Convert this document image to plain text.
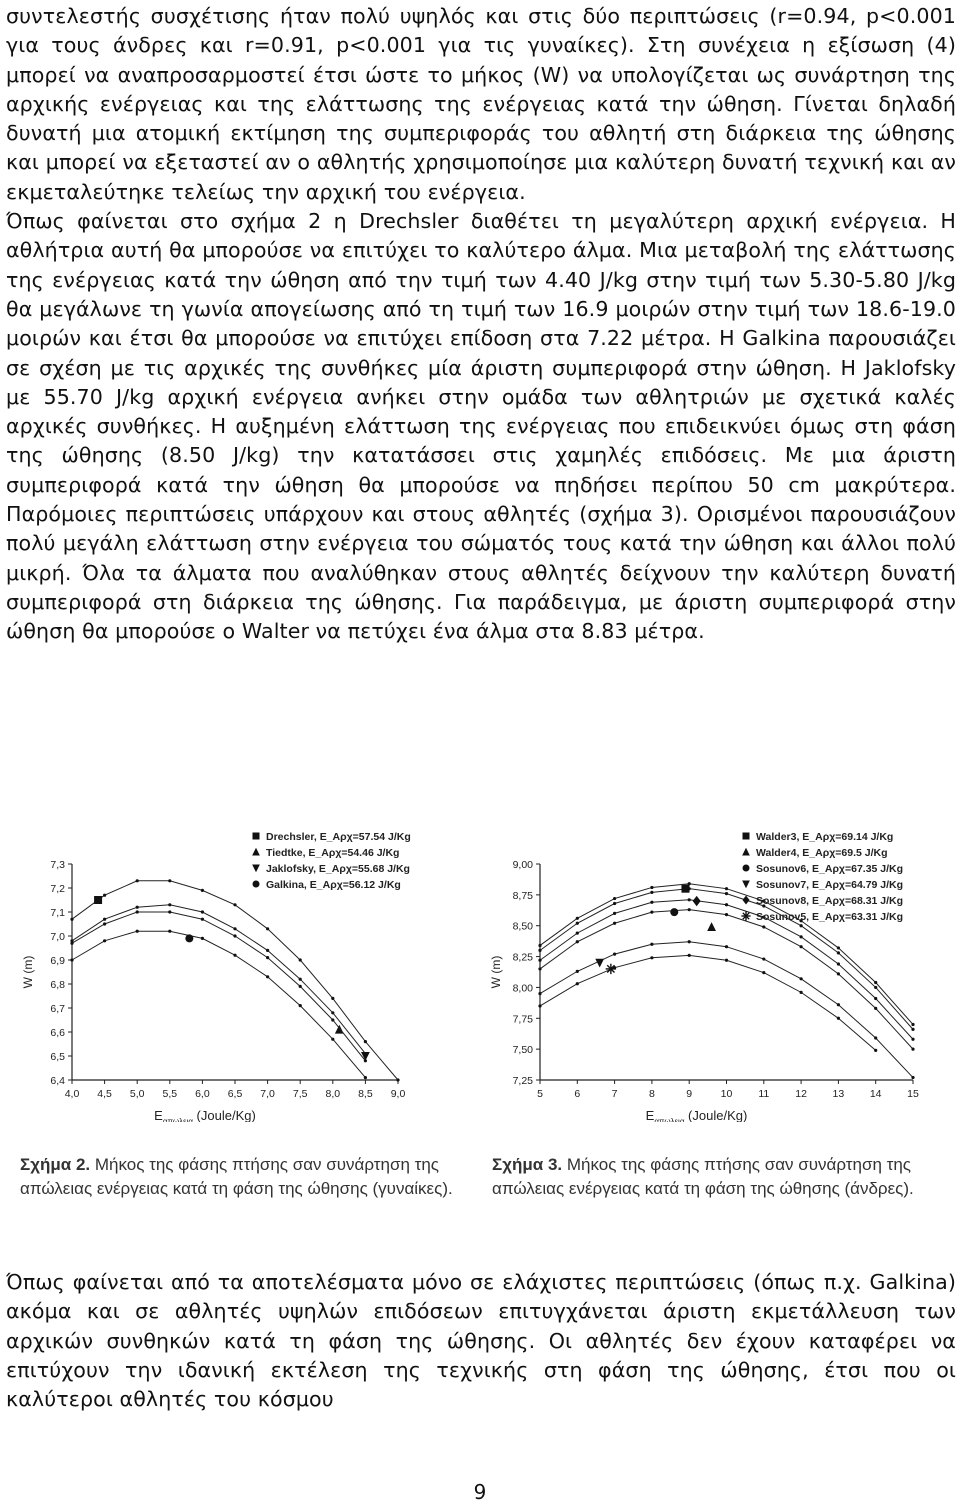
συντελεστής συσχέτισης ήταν πολύ υψηλός και στις δύο περιπτώσεις (r=0.94, p<0.001 για τους άνδρες και r=0.91, p<0.001 για τις γυναίκες). Στη συνέχεια η εξίσωση (4) μπορεί να αναπροσαρμοστεί έτσι ώστε το μήκος (W) να υπολογίζεται ως συνάρτηση της αρχικής ενέργειας και της ελάττωσης της ενέργειας κατά την ώθηση. Γίνεται δηλαδή δυνατή μια ατομική εκτίμηση της συμπεριφοράς του αθλητή στη διάρκεια της ώθησης και μπορεί να εξεταστεί αν ο αθλητής χρησιμοποίησε μια καλύτερη δυνατή τεχνική και αν εκμεταλεύτηκε τελείως την αρχική του ενέργεια.

Όπως φαίνεται στο σχήμα 2 η Drechsler διαθέτει τη μεγαλύτερη αρχική ενέργεια. Η αθλήτρια αυτή θα μπορούσε να επιτύχει το καλύτερο άλμα. Μια μεταβολή της ελάττωσης της ενέργειας κατά την ώθηση από την τιμή των 4.40 J/kg στην τιμή των 5.30-5.80 J/kg θα μεγάλωνε τη γωνία απογείωσης από τη τιμή των 16.9 μοιρών στην τιμή των 18.6-19.0 μοιρών και έτσι θα μπορούσε να επιτύχει επίδοση στα 7.22 μέτρα. Η Galkina παρουσιάζει σε σχέση με τις αρχικές της συνθήκες μία άριστη συμπεριφορά στην ώθηση. Η Jaklofsky με 55.70 J/kg αρχική ενέργεια ανήκει στην ομάδα των αθλητριών με σχετικά καλές αρχικές συνθήκες. Η αυξημένη ελάττωση της ενέργειας που επιδεικνύει όμως στη φάση της ώθησης (8.50 J/kg) την κατατάσσει στις χαμηλές επιδόσεις. Με μια άριστη συμπεριφορά κατά την ώθηση θα μπορούσε να πηδήσει περίπου 50 cm μακρύτερα. Παρόμοιες περιπτώσεις υπάρχουν και στους αθλητές (σχήμα 3). Ορισμένοι παρουσιάζουν πολύ μεγάλη ελάττωση στην ενέργεια του σώματός τους κατά την ώθηση και άλλοι πολύ μικρή. Όλα τα άλματα που αναλύθηκαν στους αθλητές δείχνουν την καλύτερη δυνατή συμπεριφορά στη διάρκεια της ώθησης. Για παράδειγμα, με άριστη συμπεριφορά στην ώθηση θα μπορούσε ο Walter να πετύχει ένα άλμα στα 8.83 μέτρα.

4,0 4,5 5,0 5,5 6,0 6,5 7,0 7,5 8,0 8,5 9,0
6,4
6,5
6,6
6,7
6,8
6,9
7,0
7,1
7,2
7,3
W (m)
$E_{\alpha\pi\omega\lambda\varepsilon\iota\alpha}$ (Joule/Kg)
Drechsler, E_Αρχ=57.54 J/Kg
Tiedtke, E_Αρχ=54.46 J/Kg
Jaklofsky, E_Αρχ=55.68 J/Kg
Galkina, E_Αρχ=56.12 J/Kg
5	6	7	8	9	10 11 12 13 14 15
7,25
7,50
7,75
8,00
8,25
8,50
8,75
9,00
W (m)
$E_{\alpha\pi\omega\lambda\varepsilon\iota\alpha}$ (Joule/Kg)
Walder3, E_Αρχ=69.14 J/Kg
Walder4, E_Αρχ=69.5 J/Kg
Sosunov6, E_Αρχ=67.35 J/Kg
Sosunov7, E_Αρχ=64.79 J/Kg
Sosunov8, E_Αρχ=68.31 J/Kg
Sosunov5, E_Αρχ=63.31 J/Kg

Σχήμα 2. Μήκος της φάσης πτήσης σαν συνάρτηση της απώλειας ενέργειας κατά τη φάση της ώθησης (γυναίκες).

Σχήμα 3. Μήκος της φάσης πτήσης σαν συνάρτηση της απώλειας ενέργειας κατά τη φάση της ώθησης (άνδρες).

Όπως φαίνεται από τα αποτελέσματα μόνο σε ελάχιστες περιπτώσεις (όπως π.χ. Galkina) ακόμα και σε αθλητές υψηλών επιδόσεων επιτυγχάνεται άριστη εκμετάλλευση των αρχικών συνθηκών κατά τη φάση της ώθησης. Οι αθλητές δεν έχουν καταφέρει να επιτύχουν την ιδανική εκτέλεση της τεχνικής στη φάση της ώθησης, έτσι που οι καλύτεροι αθλητές του κόσμου

9
